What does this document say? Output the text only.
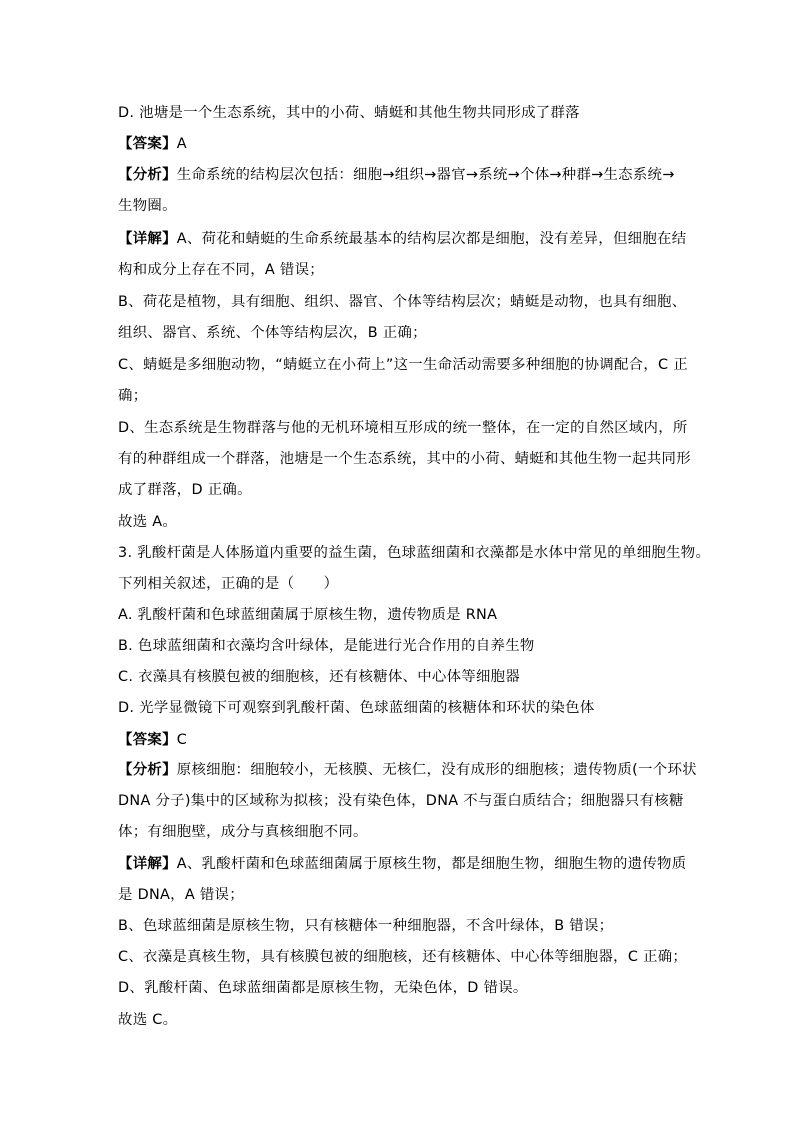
D. 池塘是一个生态系统，其中的小荷、蜻蜓和其他生物共同形成了群落
【答案】A
【分析】生命系统的结构层次包括：细胞→组织→器官→系统→个体→种群→生态系统→
生物圈。
【详解】A、荷花和蜻蜓的生命系统最基本的结构层次都是细胞，没有差异，但细胞在结
构和成分上存在不同，A 错误；
B、荷花是植物，具有细胞、组织、器官、个体等结构层次；蜻蜓是动物，也具有细胞、
组织、器官、系统、个体等结构层次，B 正确；
C、蜻蜓是多细胞动物，“蜻蜓立在小荷上”这一生命活动需要多种细胞的协调配合，C 正
确；
D、生态系统是生物群落与他的无机环境相互形成的统一整体，在一定的自然区域内，所
有的种群组成一个群落，池塘是一个生态系统，其中的小荷、蜻蜓和其他生物一起共同形
成了群落，D 正确。
故选 A。
3. 乳酸杆菌是人体肠道内重要的益生菌，色球蓝细菌和衣藻都是水体中常见的单细胞生物。
下列相关叙述，正确的是（　　）
A. 乳酸杆菌和色球蓝细菌属于原核生物，遗传物质是 RNA
B. 色球蓝细菌和衣藻均含叶绿体，是能进行光合作用的自养生物
C. 衣藻具有核膜包被的细胞核，还有核糖体、中心体等细胞器
D. 光学显微镜下可观察到乳酸杆菌、色球蓝细菌的核糖体和环状的染色体
【答案】C
【分析】原核细胞：细胞较小，无核膜、无核仁，没有成形的细胞核；遗传物质(一个环状
DNA 分子)集中的区域称为拟核；没有染色体，DNA 不与蛋白质结合；细胞器只有核糖
体；有细胞壁，成分与真核细胞不同。
【详解】A、乳酸杆菌和色球蓝细菌属于原核生物，都是细胞生物，细胞生物的遗传物质
是 DNA，A 错误；
B、色球蓝细菌是原核生物，只有核糖体一种细胞器，不含叶绿体，B 错误；
C、衣藻是真核生物，具有核膜包被的细胞核，还有核糖体、中心体等细胞器，C 正确；
D、乳酸杆菌、色球蓝细菌都是原核生物，无染色体，D 错误。
故选 C。
